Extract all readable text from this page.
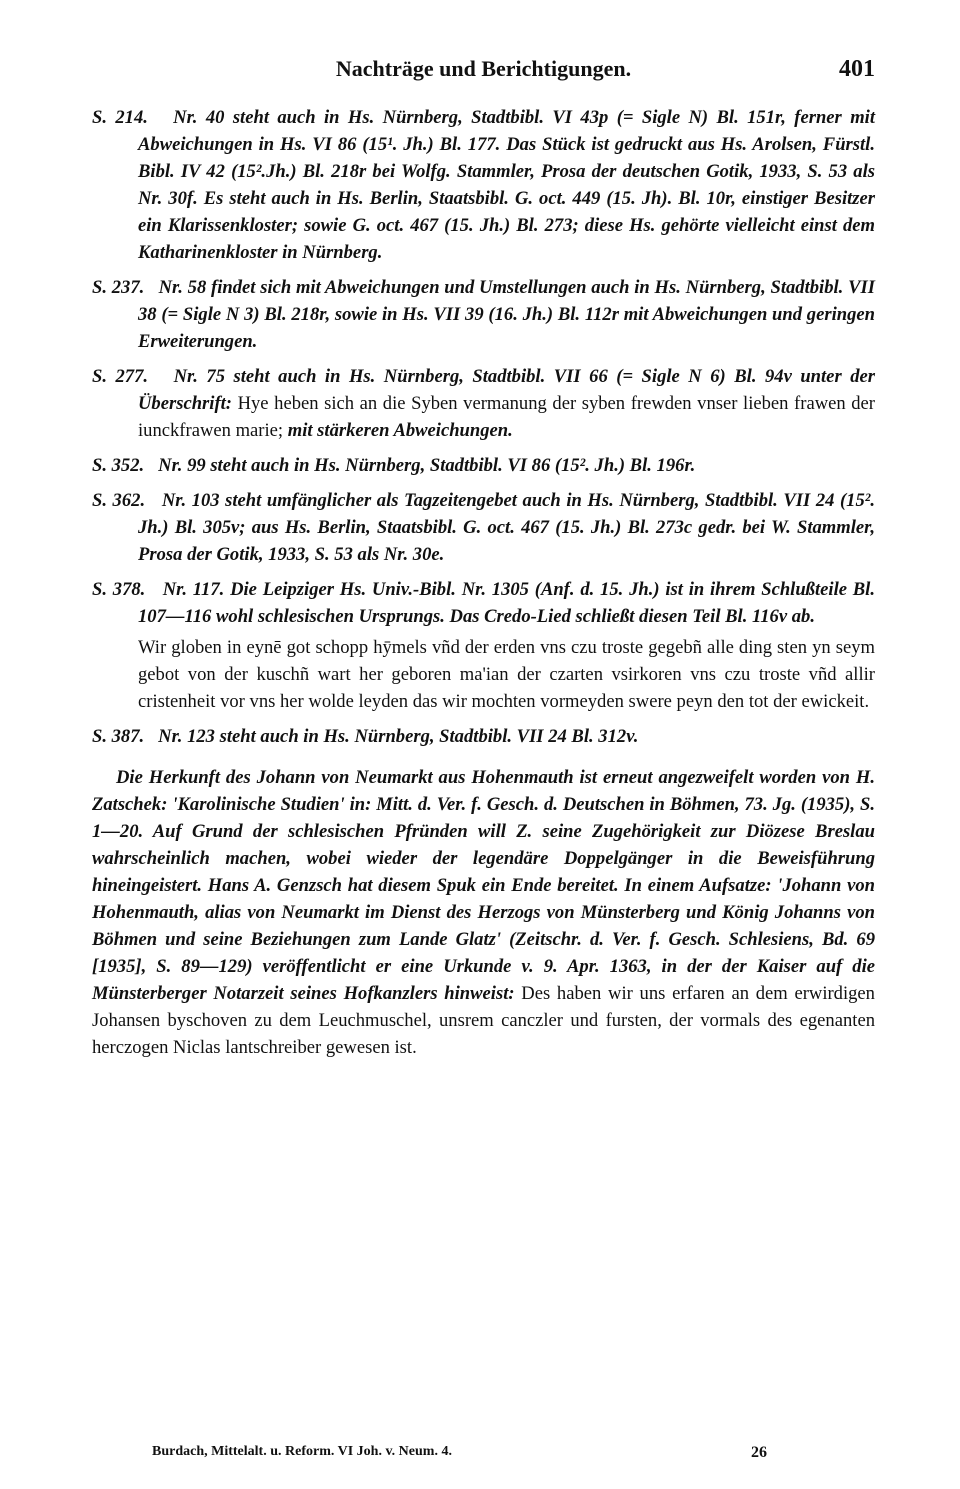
Nachträge und Berichtigungen.	401

S. 214. Nr. 40 steht auch in Hs. Nürnberg, Stadtbibl. VI 43p (= Sigle N) Bl. 151r, ferner mit Abweichungen in Hs. VI 86 (15¹. Jh.) Bl. 177. Das Stück ist gedruckt aus Hs. Arolsen, Fürstl. Bibl. IV 42 (15².Jh.) Bl. 218r bei Wolfg. Stammler, Prosa der deutschen Gotik, 1933, S. 53 als Nr. 30f. Es steht auch in Hs. Berlin, Staatsbibl. G. oct. 449 (15. Jh). Bl. 10r, einstiger Besitzer ein Klarissenkloster; sowie G. oct. 467 (15. Jh.) Bl. 273; diese Hs. gehörte vielleicht einst dem Katharinenkloster in Nürnberg.

S. 237. Nr. 58 findet sich mit Abweichungen und Umstellungen auch in Hs. Nürnberg, Stadtbibl. VII 38 (= Sigle N 3) Bl. 218r, sowie in Hs. VII 39 (16. Jh.) Bl. 112r mit Abweichungen und geringen Erweiterungen.

S. 277. Nr. 75 steht auch in Hs. Nürnberg, Stadtbibl. VII 66 (= Sigle N 6) Bl. 94v unter der Überschrift: Hye heben sich an die Syben vermanung der syben frewden vnser lieben frawen der iunckfrawen marie; mit stärkeren Abweichungen.

S. 352. Nr. 99 steht auch in Hs. Nürnberg, Stadtbibl. VI 86 (15². Jh.) Bl. 196r.

S. 362. Nr. 103 steht umfänglicher als Tagzeitengebet auch in Hs. Nürnberg, Stadtbibl. VII 24 (15². Jh.) Bl. 305v; aus Hs. Berlin, Staatsbibl. G. oct. 467 (15. Jh.) Bl. 273c gedr. bei W. Stammler, Prosa der Gotik, 1933, S. 53 als Nr. 30e.

S. 378. Nr. 117. Die Leipziger Hs. Univ.-Bibl. Nr. 1305 (Anf. d. 15. Jh.) ist in ihrem Schlußteile Bl. 107—116 wohl schlesischen Ursprungs. Das Credo-Lied schließt diesen Teil Bl. 116v ab.

Wir globen in eynē got schopp hȳmels vñd der erden vns czu troste gegebñ alle ding sten yn seym gebot von der kuschñ wart her geboren ma'ian der czarten vsirkoren vns czu troste vñd allir cristenheit vor vns her wolde leyden das wir mochten vormeyden swere peyn den tot der ewickeit.

S. 387. Nr. 123 steht auch in Hs. Nürnberg, Stadtbibl. VII 24 Bl. 312v.

Die Herkunft des Johann von Neumarkt aus Hohenmauth ist erneut angezweifelt worden von H. Zatschek: 'Karolinische Studien' in: Mitt. d. Ver. f. Gesch. d. Deutschen in Böhmen, 73. Jg. (1935), S. 1—20. Auf Grund der schlesischen Pfründen will Z. seine Zugehörigkeit zur Diözese Breslau wahrscheinlich machen, wobei wieder der legendäre Doppelgänger in die Beweisführung hineingeistert. Hans A. Genzsch hat diesem Spuk ein Ende bereitet. In einem Aufsatze: 'Johann von Hohenmauth, alias von Neumarkt im Dienst des Herzogs von Münsterberg und König Johanns von Böhmen und seine Beziehungen zum Lande Glatz' (Zeitschr. d. Ver. f. Gesch. Schlesiens, Bd. 69 [1935], S. 89—129) veröffentlicht er eine Urkunde v. 9. Apr. 1363, in der der Kaiser auf die Münsterberger Notarzeit seines Hofkanzlers hinweist: Des haben wir uns erfaren an dem erwirdigen Johansen byschoven zu dem Leuchmuschel, unsrem canczler und fursten, der vormals des egenanten herczogen Niclas lantschreiber gewesen ist.

Burdach, Mittelalt. u. Reform. VI Joh. v. Neum. 4.	26
